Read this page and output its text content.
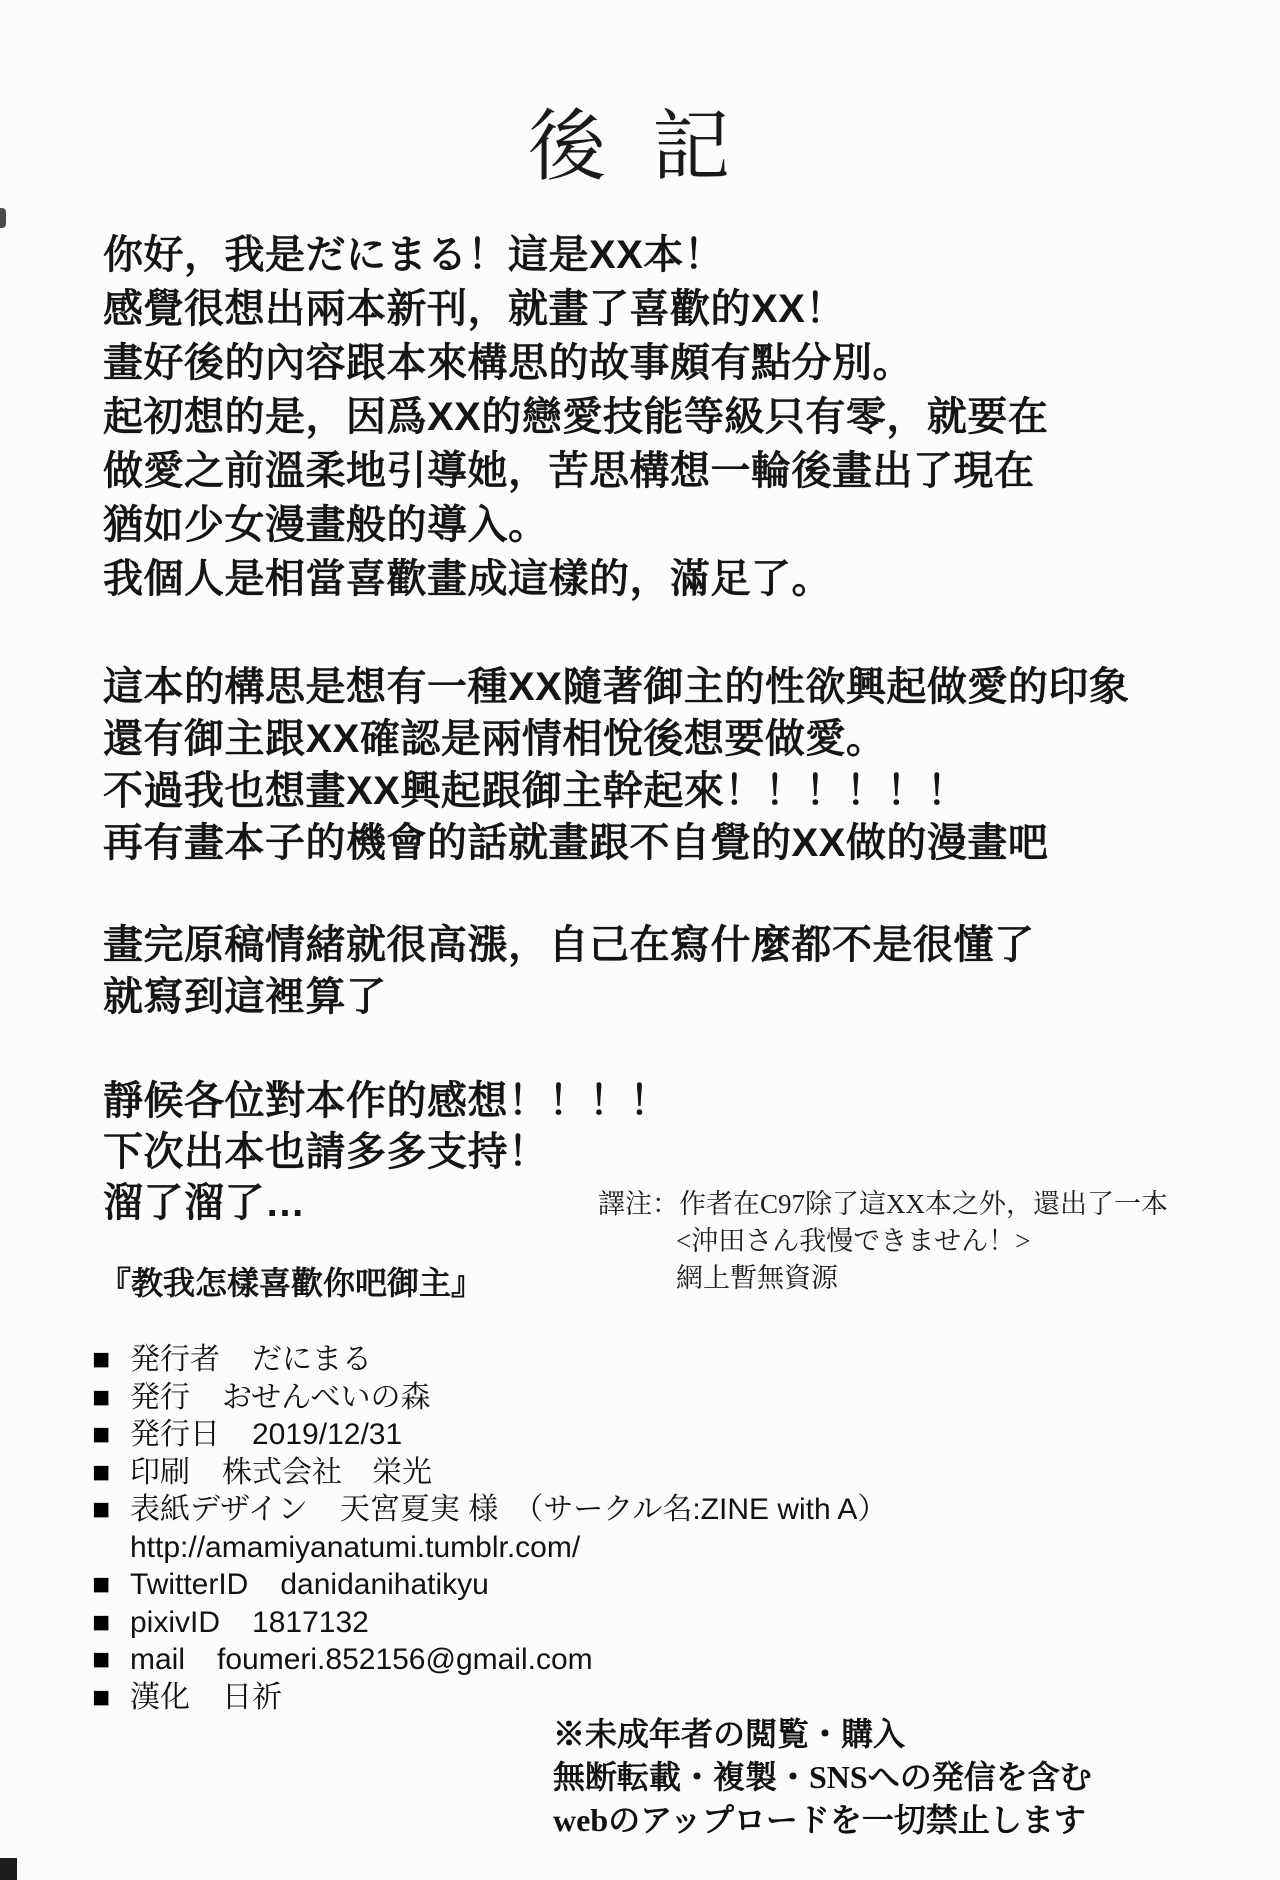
後記
你好，我是だにまる！這是XX本！
感覺很想出兩本新刊，就畫了喜歡的XX！
畫好後的內容跟本來構思的故事頗有點分別。
起初想的是，因爲XX的戀愛技能等級只有零，就要在
做愛之前溫柔地引導她，苦思構想一輪後畫出了現在
猶如少女漫畫般的導入。
我個人是相當喜歡畫成這樣的，滿足了。
這本的構思是想有一種XX隨著御主的性欲興起做愛的印象
還有御主跟XX確認是兩情相悅後想要做愛。
不過我也想畫XX興起跟御主幹起來！！！！！！
再有畫本子的機會的話就畫跟不自覺的XX做的漫畫吧
畫完原稿情緒就很高漲，自己在寫什麼都不是很懂了
就寫到這裡算了
靜候各位對本作的感想！！！！
下次出本也請多多支持！
溜了溜了…	譯注：作者在C97除了這XX本之外，還出了一本
<沖田さん我慢できません！>
網上暫無資源
『教我怎樣喜歡你吧御主』
■ 発行者 だにまる
■ 発行 おせんべいの森
■ 発行日 2019/12/31
■ 印刷 株式会社　栄光
■ 表紙デザイン 天宮夏実 様　（サークル名:ZINE with A）
http://amamiyanatumi.tumblr.com/
■ TwitterID danidanihatikyu
■ pixivID 1817132
■ mail foumeri.852156@gmail.com
■ 漢化 日祈
※未成年者の閲覧・購入
無断転載・複製・SNSへの発信を含む
webのアップロードを一切禁止します
